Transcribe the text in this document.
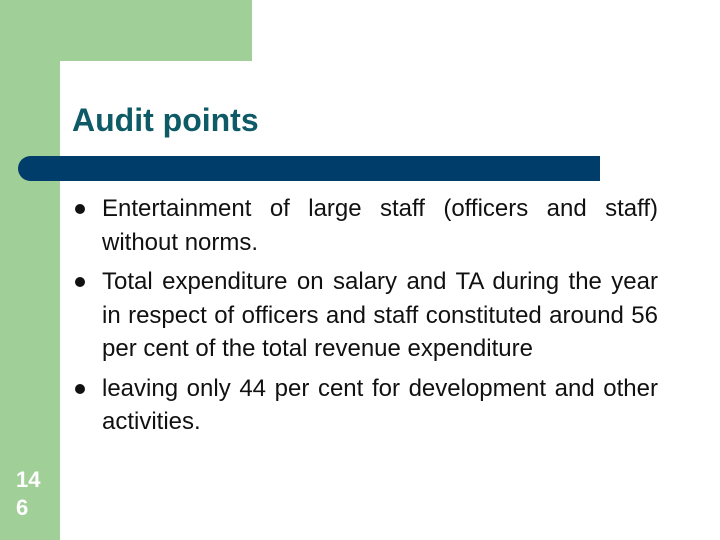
Audit points
14 6
Entertainment of large staff (officers and staff) without norms.
Total expenditure on salary and TA during the year in respect of officers and staff constituted around 56 per cent of the total revenue expenditure
leaving only 44 per cent for development and other activities.
